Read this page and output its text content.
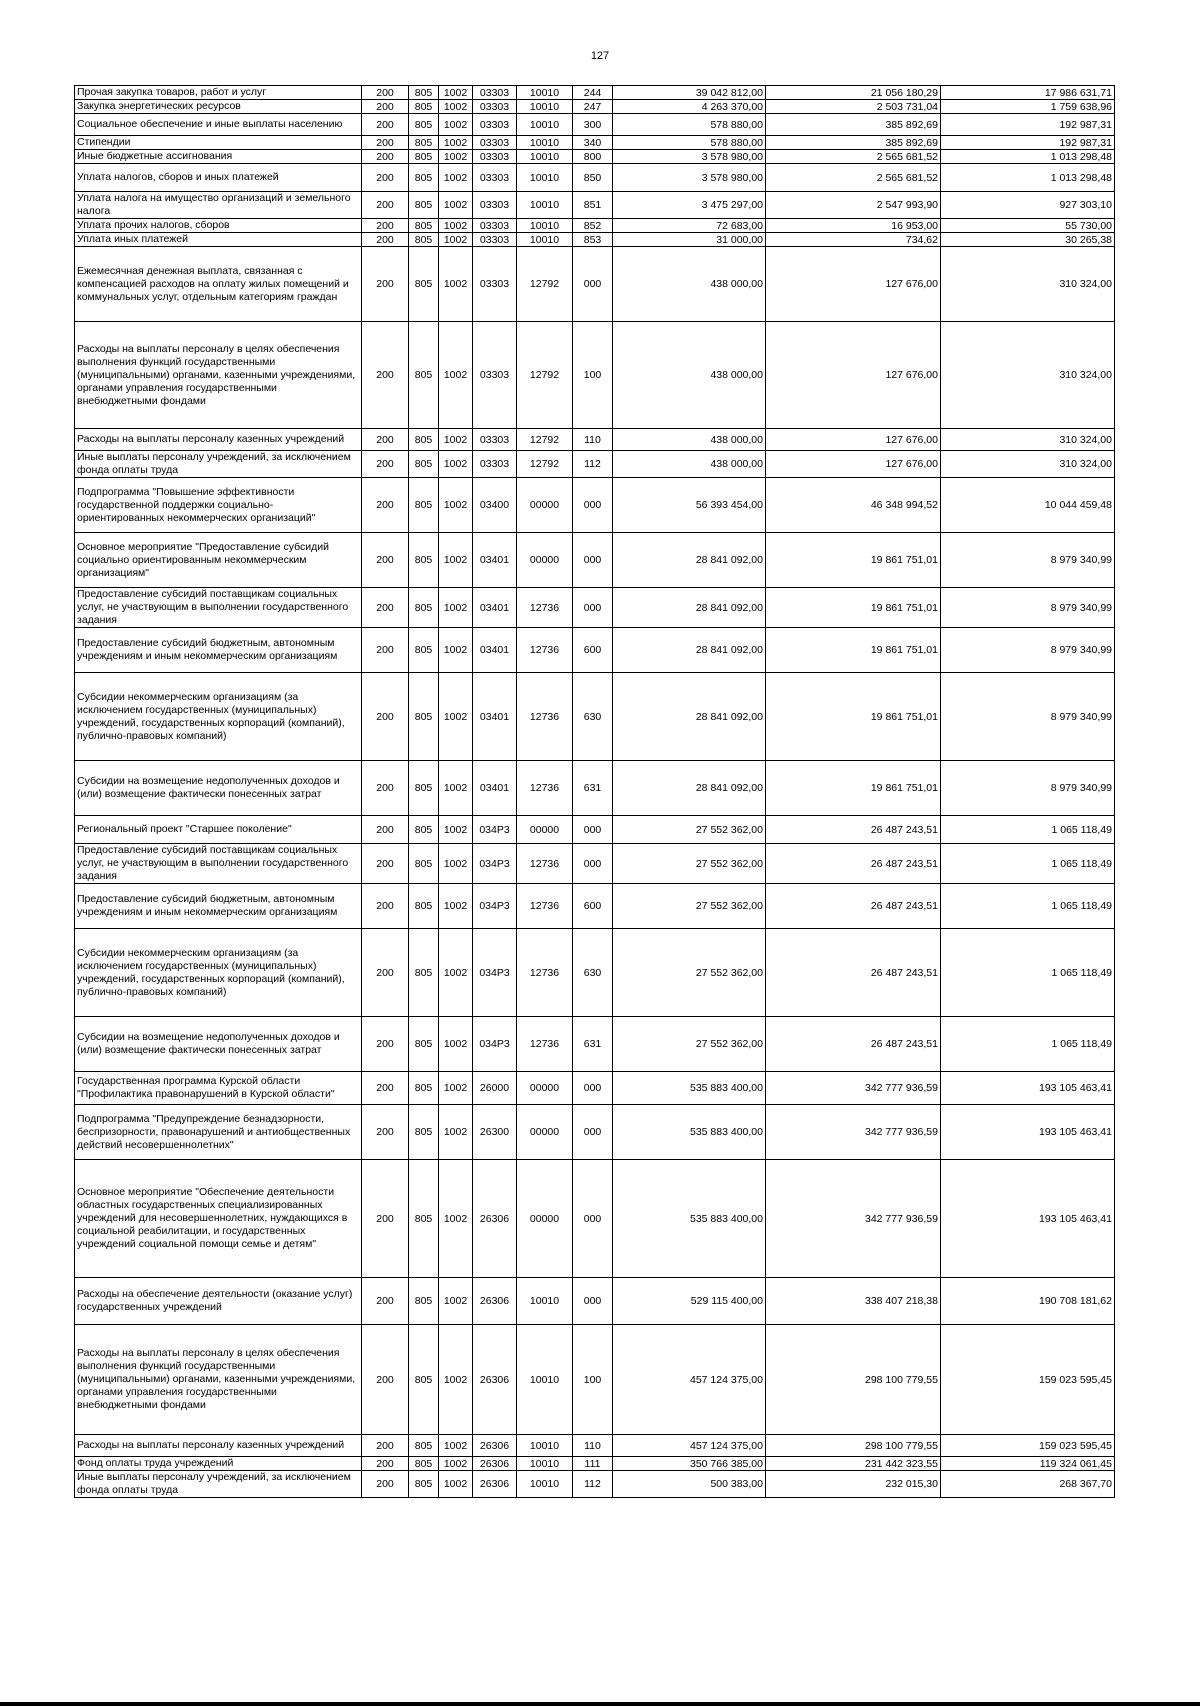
127
Прочая закупка товаров, работ и услуг	200	805	1002	03303	10010	244	39 042 812,00	21 056 180,29	17 986 631,71
Закупка энергетических ресурсов	200	805	1002	03303	10010	247	4 263 370,00	2 503 731,04	1 759 638,96
Социальное обеспечение и иные выплаты населению	200	805	1002	03303	10010	300	578 880,00	385 892,69	192 987,31
Стипендии	200	805	1002	03303	10010	340	578 880,00	385 892,69	192 987,31
Иные бюджетные ассигнования	200	805	1002	03303	10010	800	3 578 980,00	2 565 681,52	1 013 298,48
Уплата налогов, сборов и иных платежей	200	805	1002	03303	10010	850	3 578 980,00	2 565 681,52	1 013 298,48
Уплата налога на имущество организаций и земельного налога	200	805	1002	03303	10010	851	3 475 297,00	2 547 993,90	927 303,10
Уплата прочих налогов, сборов	200	805	1002	03303	10010	852	72 683,00	16 953,00	55 730,00
Уплата иных платежей	200	805	1002	03303	10010	853	31 000,00	734,62	30 265,38
Ежемесячная денежная выплата, связанная с компенсацией расходов на оплату жилых помещений и коммунальных услуг, отдельным категориям граждан	200	805	1002	03303	12792	000	438 000,00	127 676,00	310 324,00
Расходы на выплаты персоналу в целях обеспечения выполнения функций государственными (муниципальными) органами, казенными учреждениями, органами управления государственными внебюджетными фондами	200	805	1002	03303	12792	100	438 000,00	127 676,00	310 324,00
Расходы на выплаты персоналу казенных учреждений	200	805	1002	03303	12792	110	438 000,00	127 676,00	310 324,00
Иные выплаты персоналу учреждений, за исключением фонда оплаты труда	200	805	1002	03303	12792	112	438 000,00	127 676,00	310 324,00
Подпрограмма "Повышение эффективности государственной поддержки социально-ориентированных некоммерческих организаций"	200	805	1002	03400	00000	000	56 393 454,00	46 348 994,52	10 044 459,48
Основное мероприятие "Предоставление субсидий социально ориентированным некоммерческим организациям"	200	805	1002	03401	00000	000	28 841 092,00	19 861 751,01	8 979 340,99
Предоставление субсидий поставщикам социальных услуг, не участвующим в выполнении государственного задания	200	805	1002	03401	12736	000	28 841 092,00	19 861 751,01	8 979 340,99
Предоставление субсидий бюджетным, автономным учреждениям и иным некоммерческим организациям	200	805	1002	03401	12736	600	28 841 092,00	19 861 751,01	8 979 340,99
Субсидии некоммерческим организациям (за исключением государственных (муниципальных) учреждений, государственных корпораций (компаний), публично-правовых компаний)	200	805	1002	03401	12736	630	28 841 092,00	19 861 751,01	8 979 340,99
Субсидии на возмещение недополученных доходов и (или) возмещение фактически понесенных затрат	200	805	1002	03401	12736	631	28 841 092,00	19 861 751,01	8 979 340,99
Региональный проект "Старшее поколение"	200	805	1002	034P3	00000	000	27 552 362,00	26 487 243,51	1 065 118,49
Предоставление субсидий поставщикам социальных услуг, не участвующим в выполнении государственного задания	200	805	1002	034P3	12736	000	27 552 362,00	26 487 243,51	1 065 118,49
Предоставление субсидий бюджетным, автономным учреждениям и иным некоммерческим организациям	200	805	1002	034P3	12736	600	27 552 362,00	26 487 243,51	1 065 118,49
Субсидии некоммерческим организациям (за исключением государственных (муниципальных) учреждений, государственных корпораций (компаний), публично-правовых компаний)	200	805	1002	034P3	12736	630	27 552 362,00	26 487 243,51	1 065 118,49
Субсидии на возмещение недополученных доходов и (или) возмещение фактически понесенных затрат	200	805	1002	034P3	12736	631	27 552 362,00	26 487 243,51	1 065 118,49
Государственная программа Курской области "Профилактика правонарушений в Курской области"	200	805	1002	26000	00000	000	535 883 400,00	342 777 936,59	193 105 463,41
Подпрограмма "Предупреждение безнадзорности, беспризорности, правонарушений и антиобщественных действий несовершеннолетних"	200	805	1002	26300	00000	000	535 883 400,00	342 777 936,59	193 105 463,41
Основное мероприятие "Обеспечение деятельности областных государственных специализированных учреждений для несовершеннолетних, нуждающихся в социальной реабилитации, и государственных учреждений социальной помощи семье и детям"	200	805	1002	26306	00000	000	535 883 400,00	342 777 936,59	193 105 463,41
Расходы на обеспечение деятельности (оказание услуг) государственных учреждений	200	805	1002	26306	10010	000	529 115 400,00	338 407 218,38	190 708 181,62
Расходы на выплаты персоналу в целях обеспечения выполнения функций государственными (муниципальными) органами, казенными учреждениями, органами управления государственными внебюджетными фондами	200	805	1002	26306	10010	100	457 124 375,00	298 100 779,55	159 023 595,45
Расходы на выплаты персоналу казенных учреждений	200	805	1002	26306	10010	110	457 124 375,00	298 100 779,55	159 023 595,45
Фонд оплаты труда учреждений	200	805	1002	26306	10010	111	350 766 385,00	231 442 323,55	119 324 061,45
Иные выплаты персоналу учреждений, за исключением фонда оплаты труда	200	805	1002	26306	10010	112	500 383,00	232 015,30	268 367,70
